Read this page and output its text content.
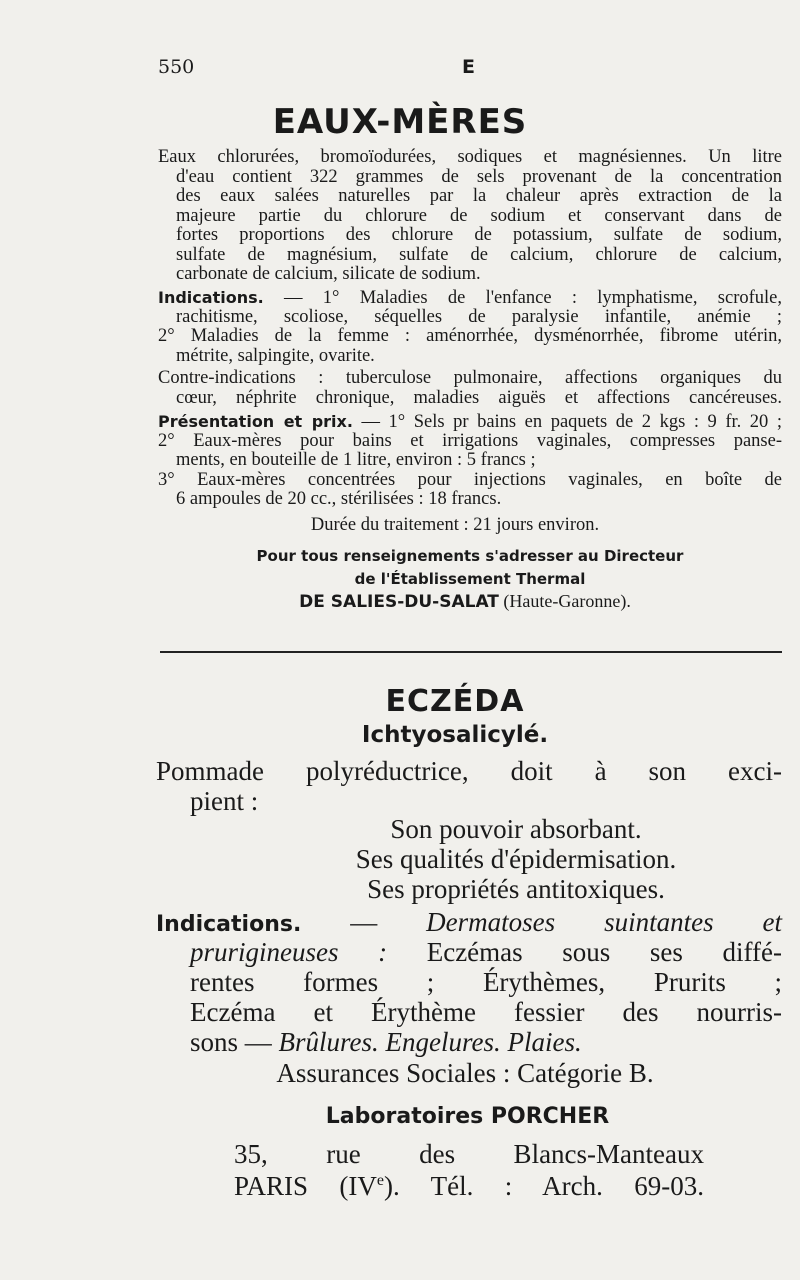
550	E
EAUX-MÈRES
Eaux chlorurées, bromoïodurées, sodiques et magnésiennes. Un litre
d'eau contient 322 grammes de sels provenant de la concentration
des eaux salées naturelles par la chaleur après extraction de la
majeure partie du chlorure de sodium et conservant dans de
fortes proportions des chlorure de potassium, sulfate de sodium,
sulfate de magnésium, sulfate de calcium, chlorure de calcium,
carbonate de calcium, silicate de sodium.
Indications. — 1° Maladies de l'enfance : lymphatisme, scrofule,
rachitisme, scoliose, séquelles de paralysie infantile, anémie ;
2° Maladies de la femme : aménorrhée, dysménorrhée, fibrome utérin,
métrite, salpingite, ovarite.
Contre-indications : tuberculose pulmonaire, affections organiques du
cœur, néphrite chronique, maladies aiguës et affections cancéreuses.
Présentation et prix. — 1° Sels pr bains en paquets de 2 kgs : 9 fr. 20 ;
2° Eaux-mères pour bains et irrigations vaginales, compresses panse-
ments, en bouteille de 1 litre, environ : 5 francs ;
3° Eaux-mères concentrées pour injections vaginales, en boîte de
6 ampoules de 20 cc., stérilisées : 18 francs.
Durée du traitement : 21 jours environ.
Pour tous renseignements s'adresser au Directeur
de l'Établissement Thermal
DE SALIES-DU-SALAT (Haute-Garonne).
ECZÉDA
Ichtyosalicylé.
Pommade polyréductrice, doit à son exci-
pient :
Son pouvoir absorbant.
Ses qualités d'épidermisation.
Ses propriétés antitoxiques.
Indications. — Dermatoses suintantes et
prurigineuses : Eczémas sous ses diffé-
rentes formes ; Érythèmes, Prurits ;
Eczéma et Érythème fessier des nourris-
sons — Brûlures. Engelures. Plaies.
Assurances Sociales : Catégorie B.
Laboratoires PORCHER
35, rue des Blancs-Manteaux
PARIS (IVe). Tél. : Arch. 69-03.
